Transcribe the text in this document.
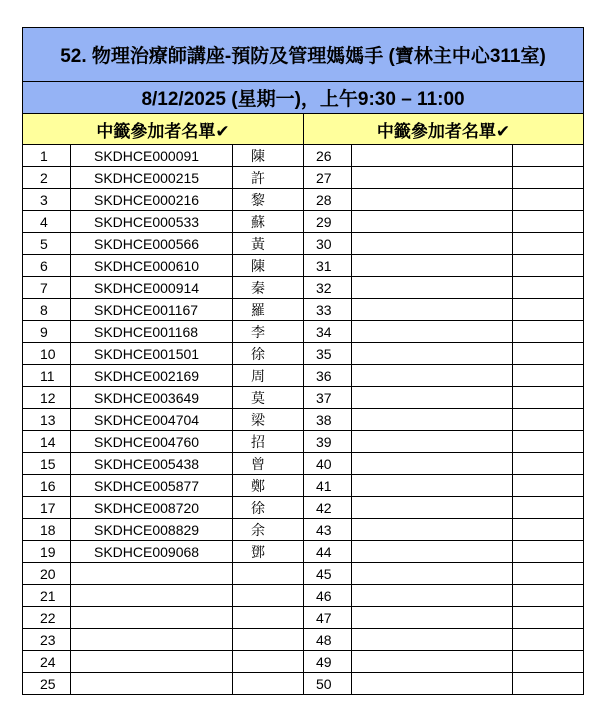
52. 物理治療師講座-預防及管理媽媽手 (寶林主中心311室)					
8/12/2025 (星期一)，上午9:30 – 11:00					
中籤參加者名單✔			中籤參加者名單✔		
1	SKDHCE000091	陳	26		
2	SKDHCE000215	許	27		
3	SKDHCE000216	黎	28		
4	SKDHCE000533	蘇	29		
5	SKDHCE000566	黃	30		
6	SKDHCE000610	陳	31		
7	SKDHCE000914	秦	32		
8	SKDHCE001167	羅	33		
9	SKDHCE001168	李	34		
10	SKDHCE001501	徐	35		
11	SKDHCE002169	周	36		
12	SKDHCE003649	莫	37		
13	SKDHCE004704	梁	38		
14	SKDHCE004760	招	39		
15	SKDHCE005438	曾	40		
16	SKDHCE005877	鄭	41		
17	SKDHCE008720	徐	42		
18	SKDHCE008829	余	43		
19	SKDHCE009068	鄧	44		
20			45		
21			46		
22			47		
23			48		
24			49		
25			50		
